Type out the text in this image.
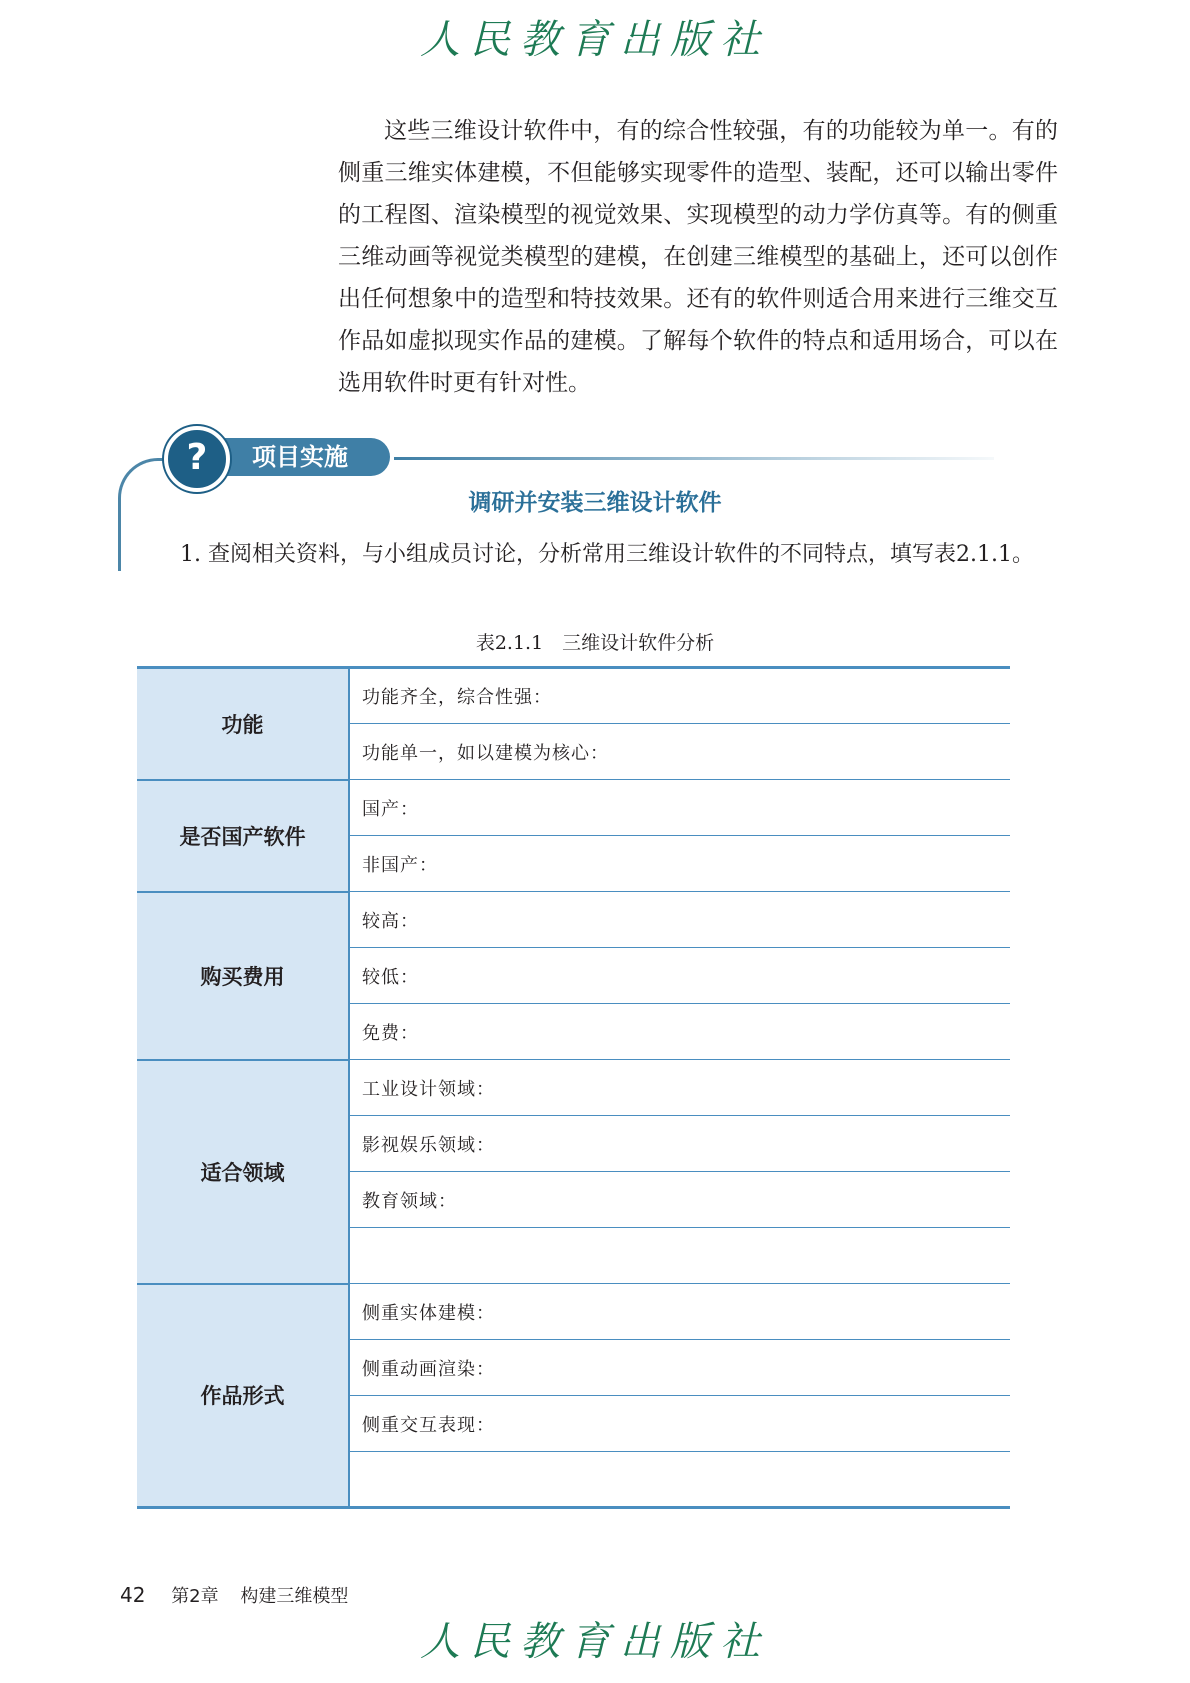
人民教育出版社

这些三维设计软件中，有的综合性较强，有的功能较为单一。有的侧重三维实体建模，不但能够实现零件的造型、装配，还可以输出零件的工程图、渲染模型的视觉效果、实现模型的动力学仿真等。有的侧重三维动画等视觉类模型的建模，在创建三维模型的基础上，还可以创作出任何想象中的造型和特技效果。还有的软件则适合用来进行三维交互作品如虚拟现实作品的建模。了解每个软件的特点和适用场合，可以在选用软件时更有针对性。

项目实施
?
调研并安装三维设计软件

1. 查阅相关资料，与小组成员讨论，分析常用三维设计软件的不同特点，填写表2.1.1。

表2.1.1　三维设计软件分析
功能	功能齐全，综合性强：
	功能单一，如以建模为核心：
是否国产软件	国产：
	非国产：
购买费用	较高：
	较低：
	免费：
适合领域	工业设计领域：
	影视娱乐领域：
	教育领域：

作品形式	侧重实体建模：
	侧重动画渲染：
	侧重交互表现：

42 第2章 构建三维模型
人民教育出版社
